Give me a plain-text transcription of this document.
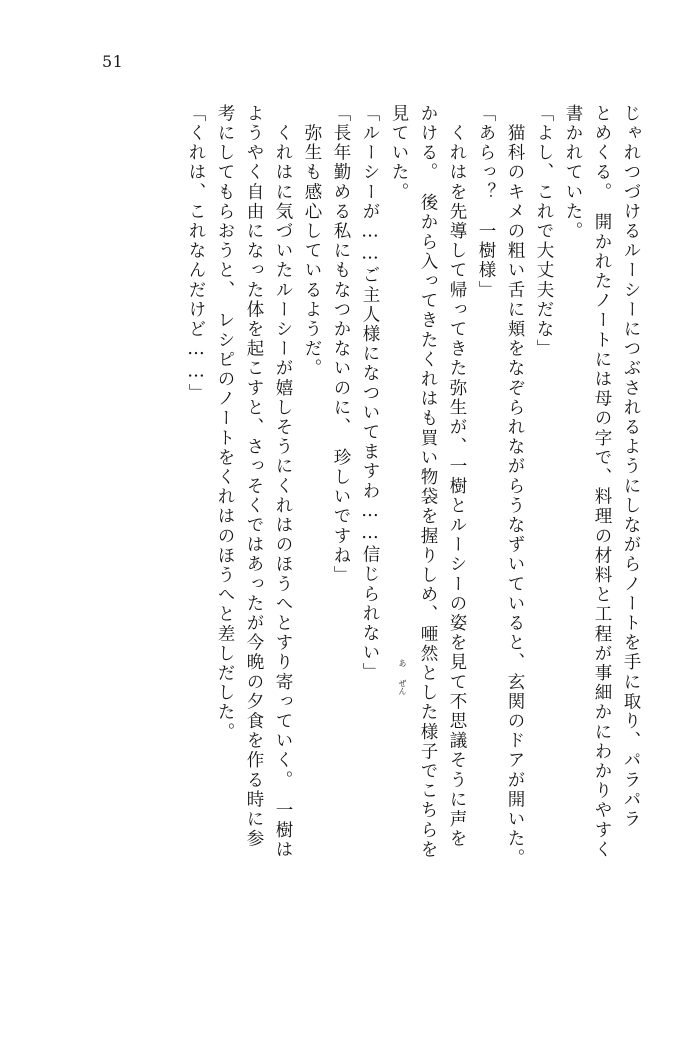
51
じゃれつづけるルーシーにつぶされるようにしながらノートを手に取り、パラパラ
とめくる。　開かれたノートには母の字で、料理の材料と工程が事細かにわかりやすく
書かれていた。
「よし、これで大丈夫だな」
　猫科のキメの粗い舌に頬をなぞられながらうなずいていると、玄関のドアが開いた。
「あらっ？　一樹様」
　くれはを先導して帰ってきた弥生が、一樹とルーシーの姿を見て不思議そうに声を
かける。　後から入ってきたくれはも買い物袋を握りしめ、唖然とした様子でこちらを
見ていた。
「ルーシーが……ご主人様になついてますわ……信じられない」
「長年勤める私にもなつかないのに、　珍しいですね」
　弥生も感心しているようだ。
　くれはに気づいたルーシーが嬉しそうにくれはのほうへとすり寄っていく。　一樹は
ようやく自由になった体を起こすと、さっそくではあったが今晩の夕食を作る時に参
考にしてもらおうと、　レシピのノートをくれはのほうへと差しだした。
「くれは、これなんだけど……」
あ
ぜん
